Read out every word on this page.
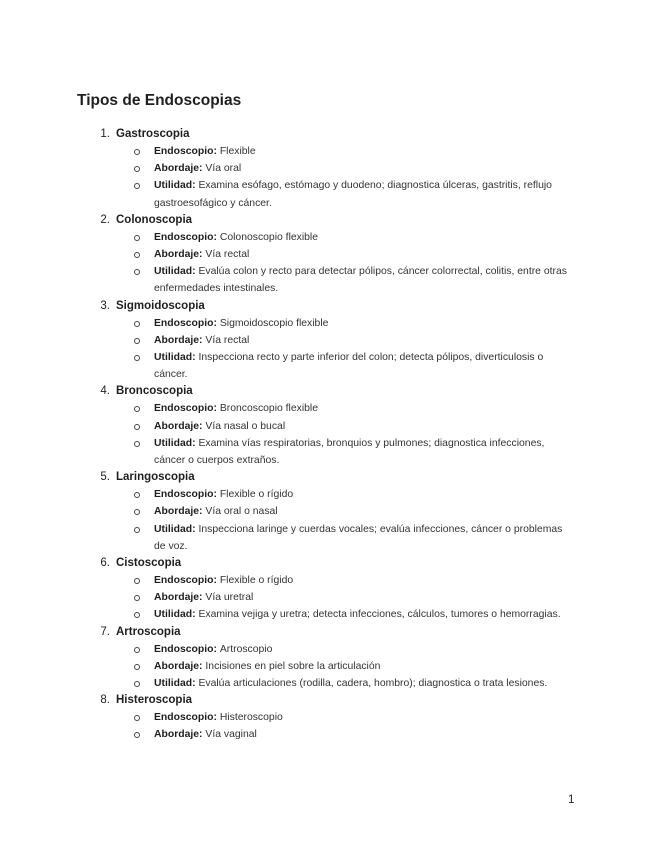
Tipos de Endoscopias
1. Gastroscopia
Endoscopio: Flexible
Abordaje: Vía oral
Utilidad: Examina esófago, estómago y duodeno; diagnostica úlceras, gastritis, reflujo gastroesofágico y cáncer.
2. Colonoscopia
Endoscopio: Colonoscopio flexible
Abordaje: Vía rectal
Utilidad: Evalúa colon y recto para detectar pólipos, cáncer colorrectal, colitis, entre otras enfermedades intestinales.
3. Sigmoidoscopia
Endoscopio: Sigmoidoscopio flexible
Abordaje: Vía rectal
Utilidad: Inspecciona recto y parte inferior del colon; detecta pólipos, diverticulosis o cáncer.
4. Broncoscopia
Endoscopio: Broncoscopio flexible
Abordaje: Vía nasal o bucal
Utilidad: Examina vías respiratorias, bronquios y pulmones; diagnostica infecciones, cáncer o cuerpos extraños.
5. Laringoscopia
Endoscopio: Flexible o rígido
Abordaje: Vía oral o nasal
Utilidad: Inspecciona laringe y cuerdas vocales; evalúa infecciones, cáncer o problemas de voz.
6. Cistoscopia
Endoscopio: Flexible o rígido
Abordaje: Vía uretral
Utilidad: Examina vejiga y uretra; detecta infecciones, cálculos, tumores o hemorragias.
7. Artroscopia
Endoscopio: Artroscopio
Abordaje: Incisiones en piel sobre la articulación
Utilidad: Evalúa articulaciones (rodilla, cadera, hombro); diagnostica o trata lesiones.
8. Histeroscopia
Endoscopio: Histeroscopio
Abordaje: Vía vaginal
1
